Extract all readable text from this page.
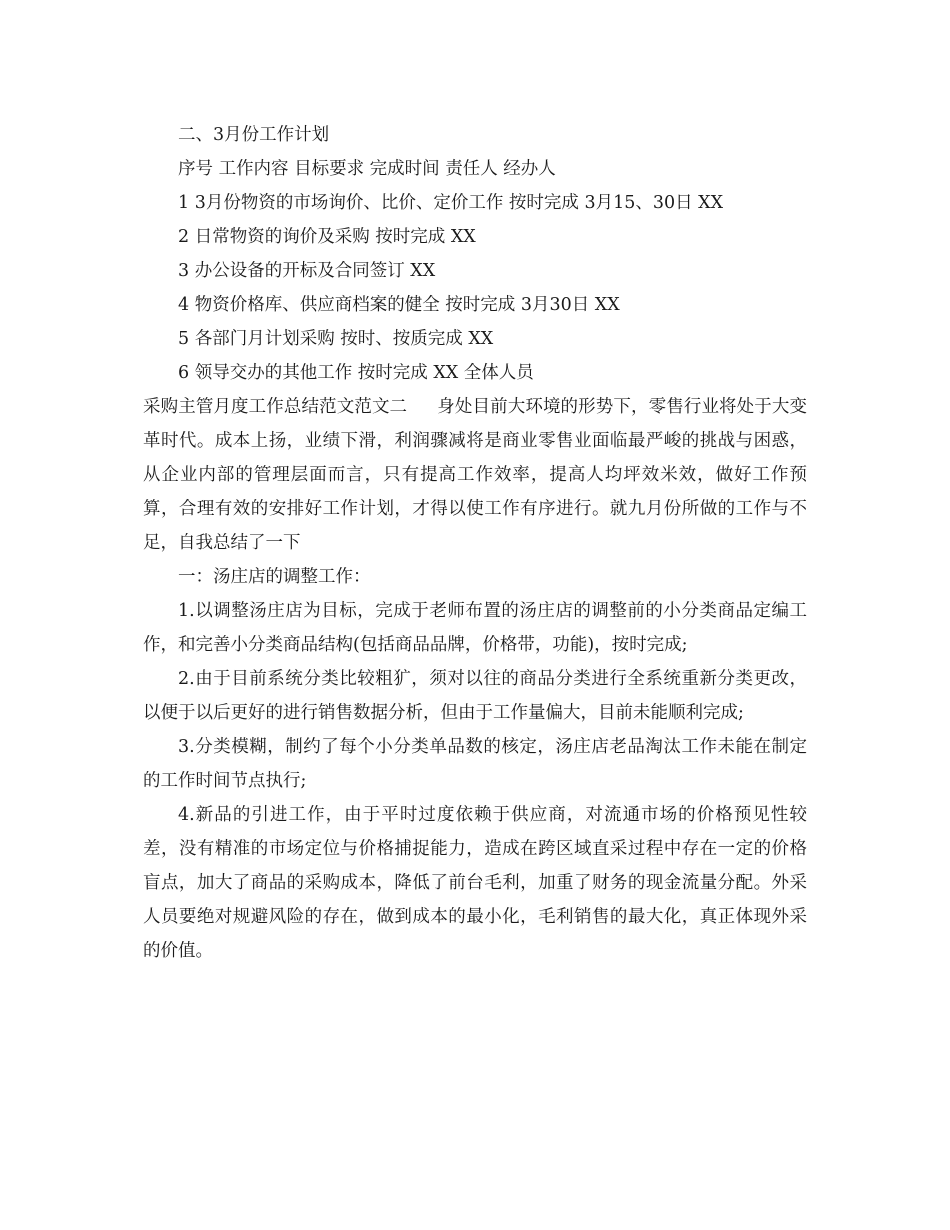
二、3月份工作计划
序号 工作内容 目标要求 完成时间 责任人 经办人
1 3月份物资的市场询价、比价、定价工作 按时完成 3月15、30日 XX
2 日常物资的询价及采购 按时完成 XX
3 办公设备的开标及合同签订 XX
4 物资价格库、供应商档案的健全 按时完成 3月30日 XX
5 各部门月计划采购 按时、按质完成 XX
6 领导交办的其他工作 按时完成 XX 全体人员

采购主管月度工作总结范文范文二 身处目前大环境的形势下，零售行业将处于大变革时代。成本上扬，业绩下滑，利润骤减将是商业零售业面临最严峻的挑战与困惑，从企业内部的管理层面而言，只有提高工作效率，提高人均坪效米效，做好工作预算，合理有效的安排好工作计划，才得以使工作有序进行。就九月份所做的工作与不足，自我总结了一下

一：汤庄店的调整工作：

1.以调整汤庄店为目标，完成于老师布置的汤庄店的调整前的小分类商品定编工作，和完善小分类商品结构(包括商品品牌，价格带，功能)，按时完成;

2.由于目前系统分类比较粗犷，须对以往的商品分类进行全系统重新分类更改，以便于以后更好的进行销售数据分析，但由于工作量偏大，目前未能顺利完成;

3.分类模糊，制约了每个小分类单品数的核定，汤庄店老品淘汰工作未能在制定的工作时间节点执行;

4.新品的引进工作，由于平时过度依赖于供应商，对流通市场的价格预见性较差，没有精准的市场定位与价格捕捉能力，造成在跨区域直采过程中存在一定的价格盲点，加大了商品的采购成本，降低了前台毛利，加重了财务的现金流量分配。外采人员要绝对规避风险的存在，做到成本的最小化，毛利销售的最大化，真正体现外采的价值。
